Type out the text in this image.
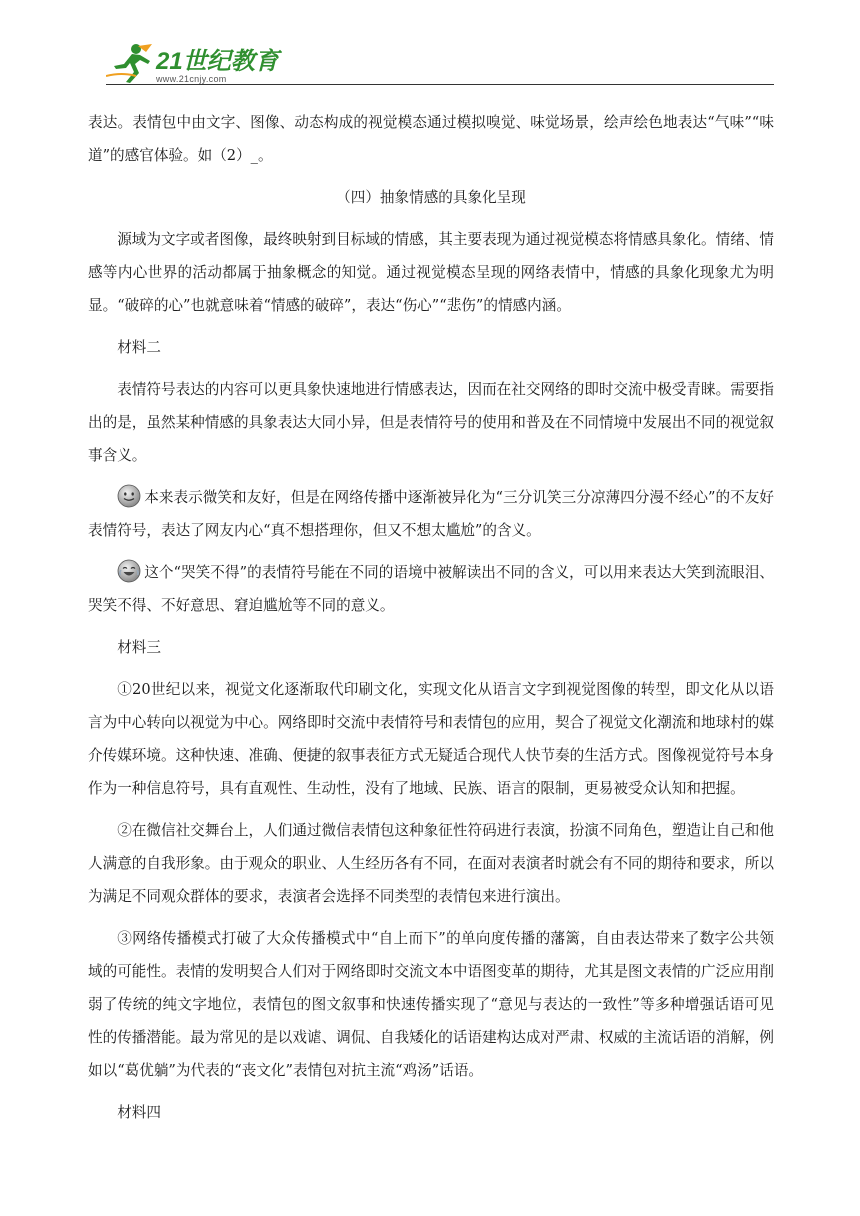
21世纪教育
www.21cnjy.com

表达。表情包中由文字、图像、动态构成的视觉模态通过模拟嗅觉、味觉场景，绘声绘色地表达“气味”“味道”的感官体验。如（2）_。

（四）抽象情感的具象化呈现

源域为文字或者图像，最终映射到目标域的情感，其主要表现为通过视觉模态将情感具象化。情绪、情感等内心世界的活动都属于抽象概念的知觉。通过视觉模态呈现的网络表情中，情感的具象化现象尤为明显。“破碎的心”也就意味着“情感的破碎”，表达“伤心”“悲伤”的情感内涵。

材料二

表情符号表达的内容可以更具象快速地进行情感表达，因而在社交网络的即时交流中极受青睐。需要指出的是，虽然某种情感的具象表达大同小异，但是表情符号的使用和普及在不同情境中发展出不同的视觉叙事含义。

本来表示微笑和友好，但是在网络传播中逐渐被异化为“三分讥笑三分凉薄四分漫不经心”的不友好表情符号，表达了网友内心“真不想搭理你，但又不想太尴尬”的含义。

这个“哭笑不得”的表情符号能在不同的语境中被解读出不同的含义，可以用来表达大笑到流眼泪、哭笑不得、不好意思、窘迫尴尬等不同的意义。

材料三

①20世纪以来，视觉文化逐渐取代印刷文化，实现文化从语言文字到视觉图像的转型，即文化从以语言为中心转向以视觉为中心。网络即时交流中表情符号和表情包的应用，契合了视觉文化潮流和地球村的媒介传媒环境。这种快速、准确、便捷的叙事表征方式无疑适合现代人快节奏的生活方式。图像视觉符号本身作为一种信息符号，具有直观性、生动性，没有了地域、民族、语言的限制，更易被受众认知和把握。

②在微信社交舞台上，人们通过微信表情包这种象征性符码进行表演，扮演不同角色，塑造让自己和他人满意的自我形象。由于观众的职业、人生经历各有不同，在面对表演者时就会有不同的期待和要求，所以为满足不同观众群体的要求，表演者会选择不同类型的表情包来进行演出。

③网络传播模式打破了大众传播模式中“自上而下”的单向度传播的藩篱，自由表达带来了数字公共领域的可能性。表情的发明契合人们对于网络即时交流文本中语图变革的期待，尤其是图文表情的广泛应用削弱了传统的纯文字地位，表情包的图文叙事和快速传播实现了“意见与表达的一致性”等多种增强话语可见性的传播潜能。最为常见的是以戏谑、调侃、自我矮化的话语建构达成对严肃、权威的主流话语的消解，例如以“葛优躺”为代表的“丧文化”表情包对抗主流“鸡汤”话语。

材料四
